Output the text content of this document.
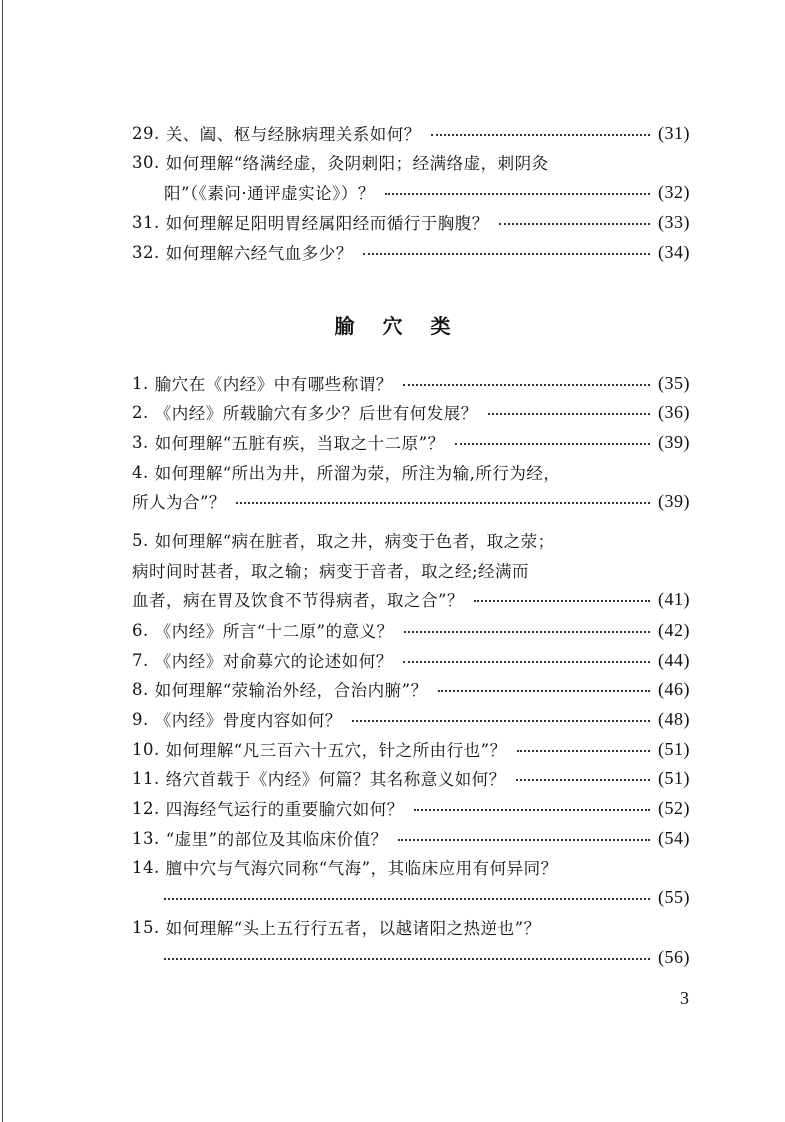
29. 关、阖、枢与经脉病理关系如何？	(31)
30. 如何理解“络满经虚，灸阴刺阳；经满络虚，刺阴灸
阳”（《素问·通评虚实论》）？	(32)
31. 如何理解足阳明胃经属阳经而循行于胸腹？	(33)
32. 如何理解六经气血多少？	(34)
腧穴类
1. 腧穴在《内经》中有哪些称谓？	(35)
2. 《内经》所载腧穴有多少？后世有何发展？	(36)
3. 如何理解“五脏有疾，当取之十二原”？	(39)
4. 如何理解“所出为井，所溜为荥，所注为输,所行为经，
所人为合”？	(39)
5. 如何理解“病在脏者，取之井，病变于色者，取之荥；
病时间时甚者，取之输；病变于音者，取之经;经满而
血者，病在胃及饮食不节得病者，取之合”？	(41)
6. 《内经》所言“十二原”的意义？	(42)
7. 《内经》对俞募穴的论述如何？	(44)
8. 如何理解“荥输治外经，合治内腑”？	(46)
9. 《内经》骨度内容如何？	(48)
10. 如何理解“凡三百六十五穴，针之所由行也”？	(51)
11. 络穴首载于《内经》何篇？其名称意义如何？	(51)
12. 四海经气运行的重要腧穴如何？	(52)
13. “虚里”的部位及其临床价值？	(54)
14. 膻中穴与气海穴同称“气海”，其临床应用有何异同？
(55)
15. 如何理解“头上五行行五者，以越诸阳之热逆也”？
(56)
3
